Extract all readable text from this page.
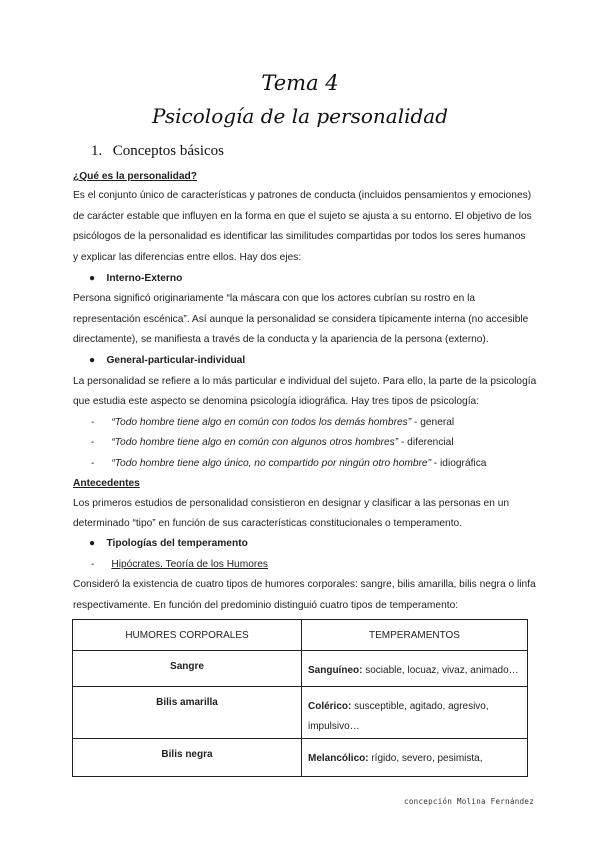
Tema 4
Psicología de la personalidad
1. Conceptos básicos
¿Qué es la personalidad?
Es el conjunto único de características y patrones de conducta (incluidos pensamientos y emociones)
de carácter estable que influyen en la forma en que el sujeto se ajusta a su entorno. El objetivo de los
psicólogos de la personalidad es identificar las similitudes compartidas por todos los seres humanos
y explicar las diferencias entre ellos. Hay dos ejes:
●    Interno-Externo
Persona significó originariamente “la máscara con que los actores cubrían su rostro en la
representación escénica”. Así aunque la personalidad se considera típicamente interna (no accesible
directamente), se manifiesta a través de la conducta y la apariencia de la persona (externo).
●    General-particular-individual
La personalidad se refiere a lo más particular e individual del sujeto. Para ello, la parte de la psicología
que estudia este aspecto se denomina psicología idiográfica. Hay tres tipos de psicología:
-      “Todo hombre tiene algo en común con todos los demás hombres” - general
-      “Todo hombre tiene algo en común con algunos otros hombres” - diferencial
-      “Todo hombre tiene algo único, no compartido por ningún otro hombre” - idiográfica
Antecedentes
Los primeros estudios de personalidad consistieron en designar y clasificar a las personas en un
determinado “tipo” en función de sus características constitucionales o temperamento.
●    Tipologías del temperamento
-      Hipócrates. Teoría de los Humores
Consideró la existencia de cuatro tipos de humores corporales: sangre, bilis amarilla, bilis negra o linfa
respectivamente. En función del predominio distinguió cuatro tipos de temperamento:
HUMORES CORPORALES	TEMPERAMENTOS
Sangre	Sanguíneo: sociable, locuaz, vivaz, animado…
Bilis amarilla	Colérico: susceptible, agitado, agresivo, impulsivo…
Bilis negra	Melancólico: rígido, severo, pesimista,
concepción Molina Fernández
